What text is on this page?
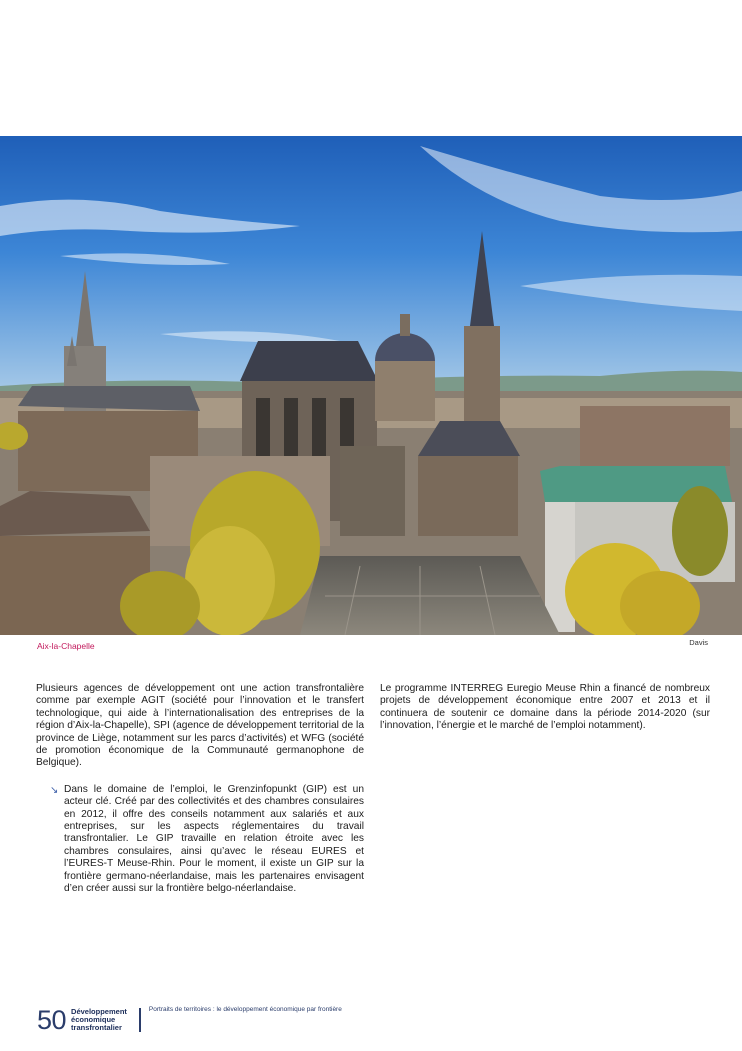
Aix-la-Chapelle	Davis

Plusieurs agences de développement ont une action transfrontalière comme par exemple AGIT (société pour l’innovation et le transfert technologique, qui aide à l’internationalisation des entreprises de la région d’Aix-la-Chapelle), SPI (agence de développement territorial de la province de Liège, notamment sur les parcs d’activités) et WFG (société de promotion économique de la Communauté germanophone de Belgique).

↘ Dans le domaine de l’emploi, le Grenzinfopunkt (GIP) est un acteur clé. Créé par des collectivités et des chambres consulaires en 2012, il offre des conseils notamment aux salariés et aux entreprises, sur les aspects réglementaires du travail transfrontalier. Le GIP travaille en relation étroite avec les chambres consulaires, ainsi qu’avec le réseau EURES et l’EURES-T Meuse-Rhin. Pour le moment, il existe un GIP sur la frontière germano-néerlandaise, mais les partenaires envisagent d’en créer aussi sur la frontière belgo-néerlandaise.

Le programme INTERREG Euregio Meuse Rhin a financé de nombreux projets de développement économique entre 2007 et 2013 et il continuera de soutenir ce domaine dans la période 2014-2020 (sur l’innovation, l’énergie et le marché de l’emploi notamment).

50 Développement
économique
transfrontalier
Portraits de territoires : le développement économique par frontière
